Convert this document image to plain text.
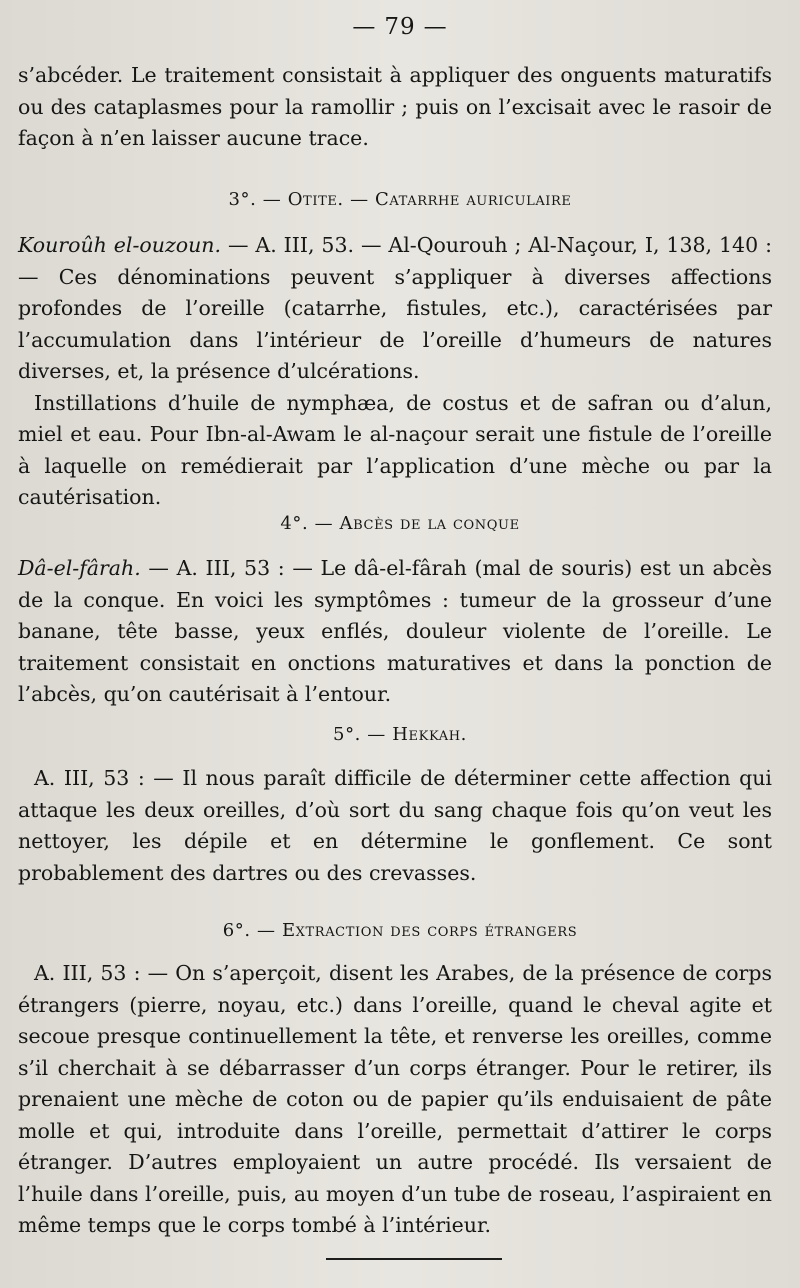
— 79 —

s’abcéder. Le traitement consistait à appliquer des onguents maturatifs ou des cataplasmes pour la ramollir ; puis on l’excisait avec le rasoir de façon à n’en laisser aucune trace.

3°. — Otite. — Catarrhe auriculaire

Kouroûh el-ouzoun. — A. III, 53. — Al-Qourouh ; Al-Naçour, I, 138, 140 : — Ces dénominations peuvent s’appliquer à diverses affections profondes de l’oreille (catarrhe, fistules, etc.), caractérisées par l’accumulation dans l’intérieur de l’oreille d’humeurs de natures diverses, et, la présence d’ulcérations.

Instillations d’huile de nymphæa, de costus et de safran ou d’alun, miel et eau. Pour Ibn-al-Awam le al-naçour serait une fistule de l’oreille à laquelle on remédierait par l’application d’une mèche ou par la cautérisation.

4°. — Abcès de la conque

Dâ-el-fârah. — A. III, 53 : — Le dâ-el-fârah (mal de souris) est un abcès de la conque. En voici les symptômes : tumeur de la grosseur d’une banane, tête basse, yeux enflés, douleur violente de l’oreille. Le traitement consistait en onctions maturatives et dans la ponction de l’abcès, qu’on cautérisait à l’entour.

5°. — Hekkah.

A. III, 53 : — Il nous paraît difficile de déterminer cette affection qui attaque les deux oreilles, d’où sort du sang chaque fois qu’on veut les nettoyer, les dépile et en détermine le gonflement. Ce sont probablement des dartres ou des crevasses.

6°. — Extraction des corps étrangers

A. III, 53 : — On s’aperçoit, disent les Arabes, de la présence de corps étrangers (pierre, noyau, etc.) dans l’oreille, quand le cheval agite et secoue presque continuellement la tête, et renverse les oreilles, comme s’il cherchait à se débarrasser d’un corps étranger. Pour le retirer, ils prenaient une mèche de coton ou de papier qu’ils enduisaient de pâte molle et qui, introduite dans l’oreille, permettait d’attirer le corps étranger. D’autres employaient un autre procédé. Ils versaient de l’huile dans l’oreille, puis, au moyen d’un tube de roseau, l’aspiraient en même temps que le corps tombé à l’intérieur.
